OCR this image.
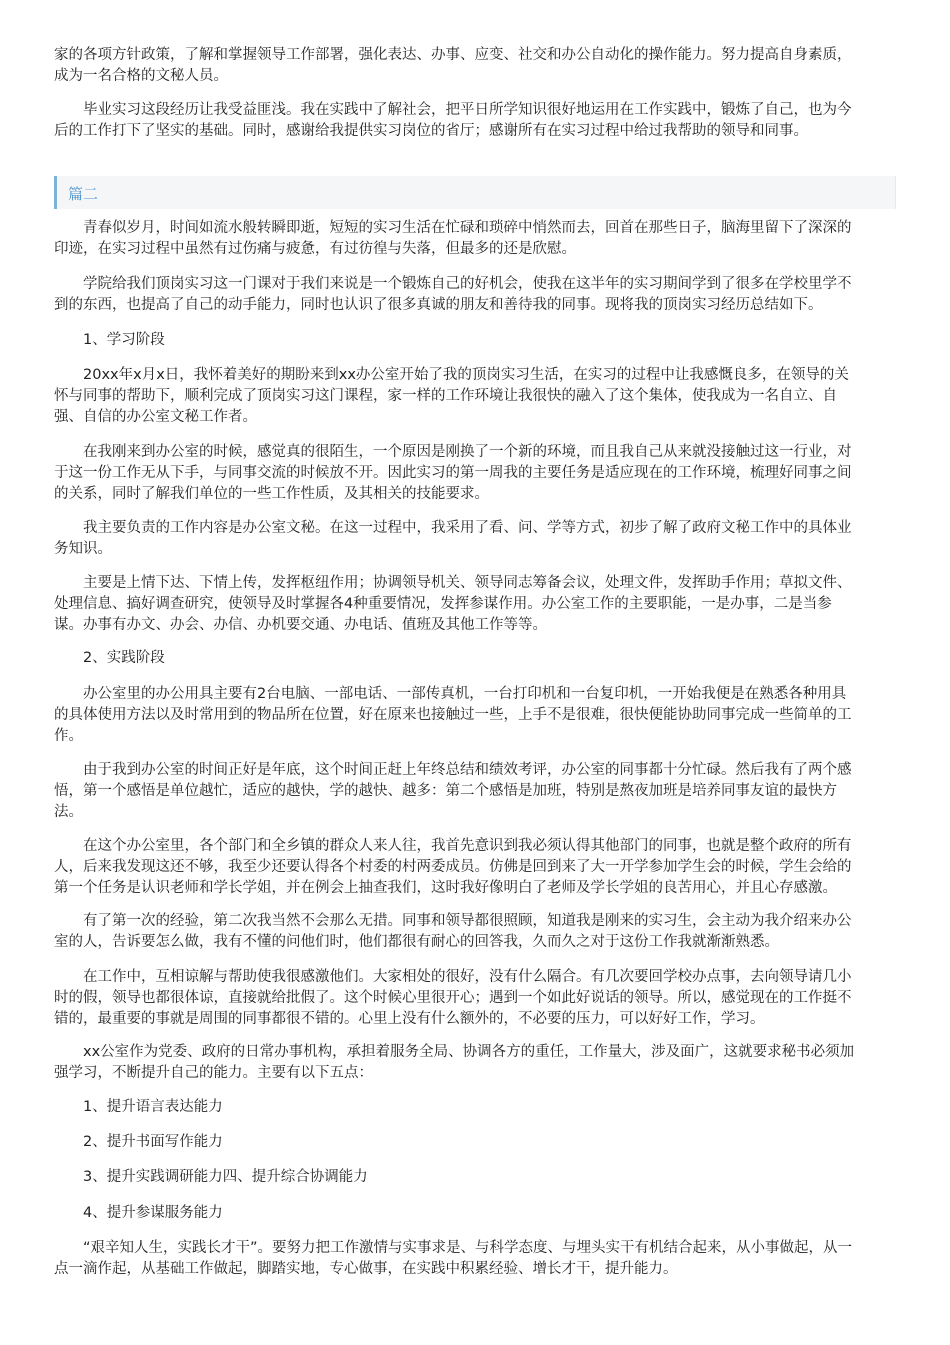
家的各项方针政策，了解和掌握领导工作部署，强化表达、办事、应变、社交和办公自动化的操作能力。努力提高自身素质，
成为一名合格的文秘人员。

　　毕业实习这段经历让我受益匪浅。我在实践中了解社会，把平日所学知识很好地运用在工作实践中，锻炼了自己，也为今
后的工作打下了坚实的基础。同时，感谢给我提供实习岗位的省厅；感谢所有在实习过程中给过我帮助的领导和同事。

篇二

　　青春似岁月，时间如流水般转瞬即逝，短短的实习生活在忙碌和琐碎中悄然而去，回首在那些日子，脑海里留下了深深的
印迹，在实习过程中虽然有过伤痛与疲惫，有过彷徨与失落，但最多的还是欣慰。

　　学院给我们顶岗实习这一门课对于我们来说是一个锻炼自己的好机会，使我在这半年的实习期间学到了很多在学校里学不
到的东西，也提高了自己的动手能力，同时也认识了很多真诚的朋友和善待我的同事。现将我的顶岗实习经历总结如下。

　　1、学习阶段

　　20xx年x月x日，我怀着美好的期盼来到xx办公室开始了我的顶岗实习生活，在实习的过程中让我感慨良多，在领导的关
怀与同事的帮助下，顺利完成了顶岗实习这门课程，家一样的工作环境让我很快的融入了这个集体，使我成为一名自立、自
强、自信的办公室文秘工作者。

　　在我刚来到办公室的时候，感觉真的很陌生，一个原因是刚换了一个新的环境，而且我自己从来就没接触过这一行业，对
于这一份工作无从下手，与同事交流的时候放不开。因此实习的第一周我的主要任务是适应现在的工作环境，梳理好同事之间
的关系，同时了解我们单位的一些工作性质，及其相关的技能要求。

　　我主要负责的工作内容是办公室文秘。在这一过程中，我采用了看、问、学等方式，初步了解了政府文秘工作中的具体业
务知识。

　　主要是上情下达、下情上传，发挥枢纽作用；协调领导机关、领导同志筹备会议，处理文件，发挥助手作用；草拟文件、
处理信息、搞好调查研究，使领导及时掌握各4种重要情况，发挥参谋作用。办公室工作的主要职能，一是办事，二是当参
谋。办事有办文、办会、办信、办机要交通、办电话、值班及其他工作等等。

　　2、实践阶段

　　办公室里的办公用具主要有2台电脑、一部电话、一部传真机，一台打印机和一台复印机，一开始我便是在熟悉各种用具
的具体使用方法以及时常用到的物品所在位置，好在原来也接触过一些，上手不是很难，很快便能协助同事完成一些简单的工
作。

　　由于我到办公室的时间正好是年底，这个时间正赶上年终总结和绩效考评，办公室的同事都十分忙碌。然后我有了两个感
悟，第一个感悟是单位越忙，适应的越快，学的越快、越多：第二个感悟是加班，特别是熬夜加班是培养同事友谊的最快方
法。

　　在这个办公室里，各个部门和全乡镇的群众人来人往，我首先意识到我必须认得其他部门的同事，也就是整个政府的所有
人，后来我发现这还不够，我至少还要认得各个村委的村两委成员。仿佛是回到来了大一开学参加学生会的时候，学生会给的
第一个任务是认识老师和学长学姐，并在例会上抽查我们，这时我好像明白了老师及学长学姐的良苦用心，并且心存感激。

　　有了第一次的经验，第二次我当然不会那么无措。同事和领导都很照顾，知道我是刚来的实习生，会主动为我介绍来办公
室的人，告诉要怎么做，我有不懂的问他们时，他们都很有耐心的回答我，久而久之对于这份工作我就渐渐熟悉。

　　在工作中，互相谅解与帮助使我很感激他们。大家相处的很好，没有什么隔合。有几次要回学校办点事，去向领导请几小
时的假，领导也都很体谅，直接就给批假了。这个时候心里很开心；遇到一个如此好说话的领导。所以，感觉现在的工作挺不
错的，最重要的事就是周围的同事都很不错的。心里上没有什么额外的，不必要的压力，可以好好工作，学习。

　　xx公室作为党委、政府的日常办事机构，承担着服务全局、协调各方的重任，工作量大，涉及面广，这就要求秘书必须加
强学习，不断提升自己的能力。主要有以下五点：

　　1、提升语言表达能力

　　2、提升书面写作能力

　　3、提升实践调研能力四、提升综合协调能力

　　4、提升参谋服务能力

　　“艰辛知人生，实践长才干”。要努力把工作激情与实事求是、与科学态度、与埋头实干有机结合起来，从小事做起，从一
点一滴作起，从基础工作做起，脚踏实地，专心做事，在实践中积累经验、增长才干，提升能力。
